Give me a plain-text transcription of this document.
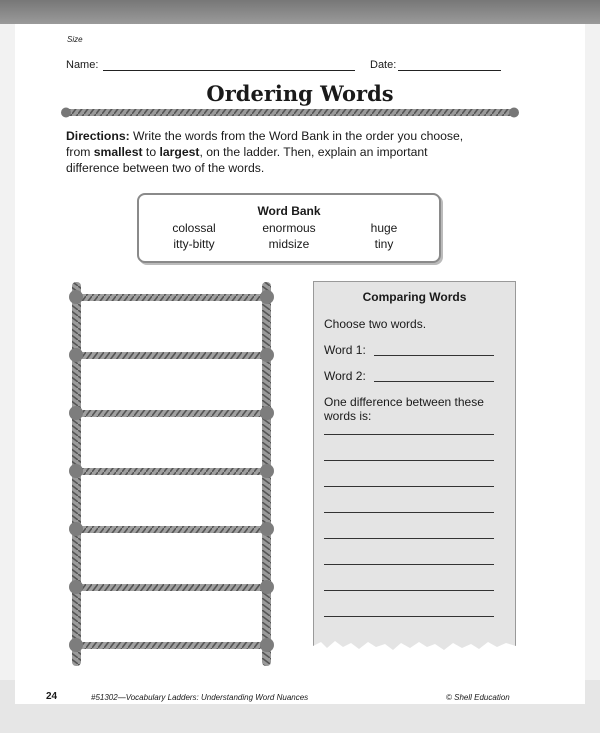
Size
Name:	Date:
Ordering Words
Directions: Write the words from the Word Bank in the order you choose,
from smallest to largest, on the ladder. Then, explain an important
difference between two of the words.
Word Bank
colossal	enormous	huge
itty-bitty	midsize	tiny
Comparing Words
Choose two words.
Word 1:
Word 2:
One difference between these
words is:
24	#51302—Vocabulary Ladders: Understanding Word Nuances	© Shell Education
